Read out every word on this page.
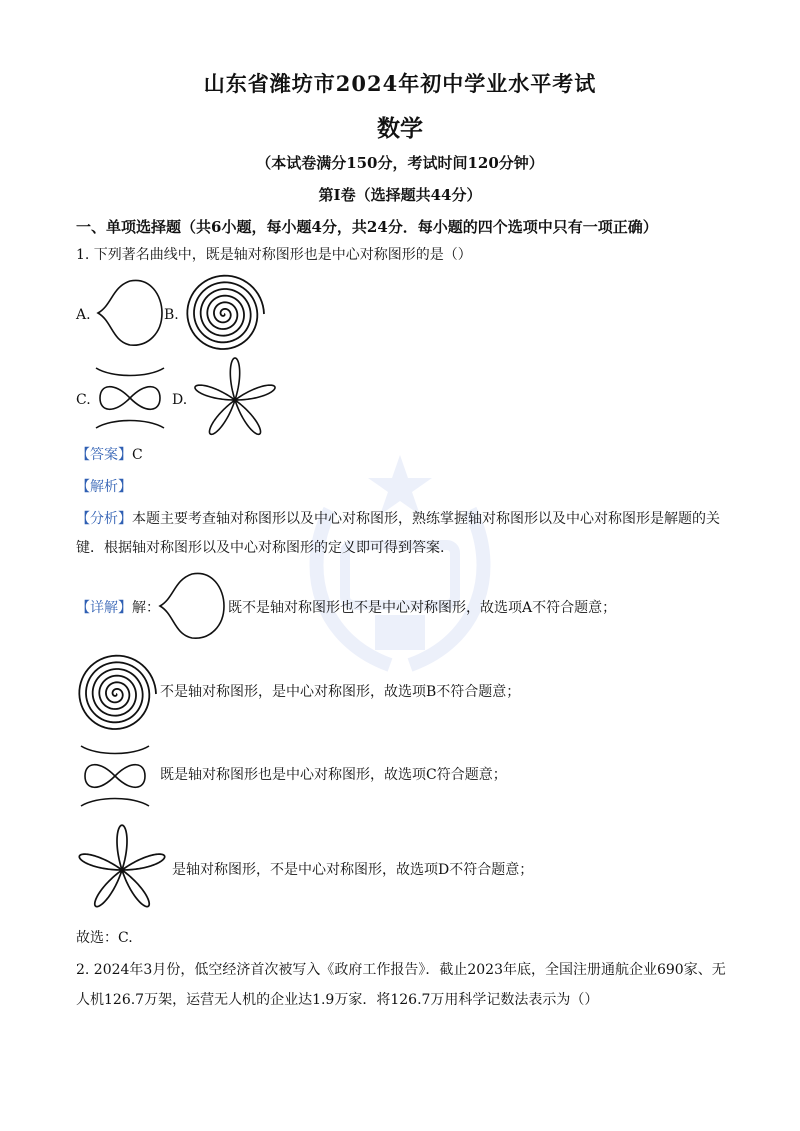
山东省潍坊市2024年初中学业水平考试
数学
（本试卷满分150分，考试时间120分钟）
第Ⅰ卷（选择题共44分）
一、单项选择题（共6小题，每小题4分，共24分．每小题的四个选项中只有一项正确）
1. 下列著名曲线中，既是轴对称图形也是中心对称图形的是（）
A.	B.
C.	D.
【答案】C
【解析】
【分析】本题主要考查轴对称图形以及中心对称图形，熟练掌握轴对称图形以及中心对称图形是解题的关
键．根据轴对称图形以及中心对称图形的定义即可得到答案.
【详解】解：	既不是轴对称图形也不是中心对称图形，故选项A不符合题意；
不是轴对称图形，是中心对称图形，故选项B不符合题意；
既是轴对称图形也是中心对称图形，故选项C符合题意；
是轴对称图形，不是中心对称图形，故选项D不符合题意；
故选：C.
2. 2024年3月份，低空经济首次被写入《政府工作报告》．截止2023年底，全国注册通航企业690家、无
人机126.7万架，运营无人机的企业达1.9万家．将126.7万用科学记数法表示为（）
